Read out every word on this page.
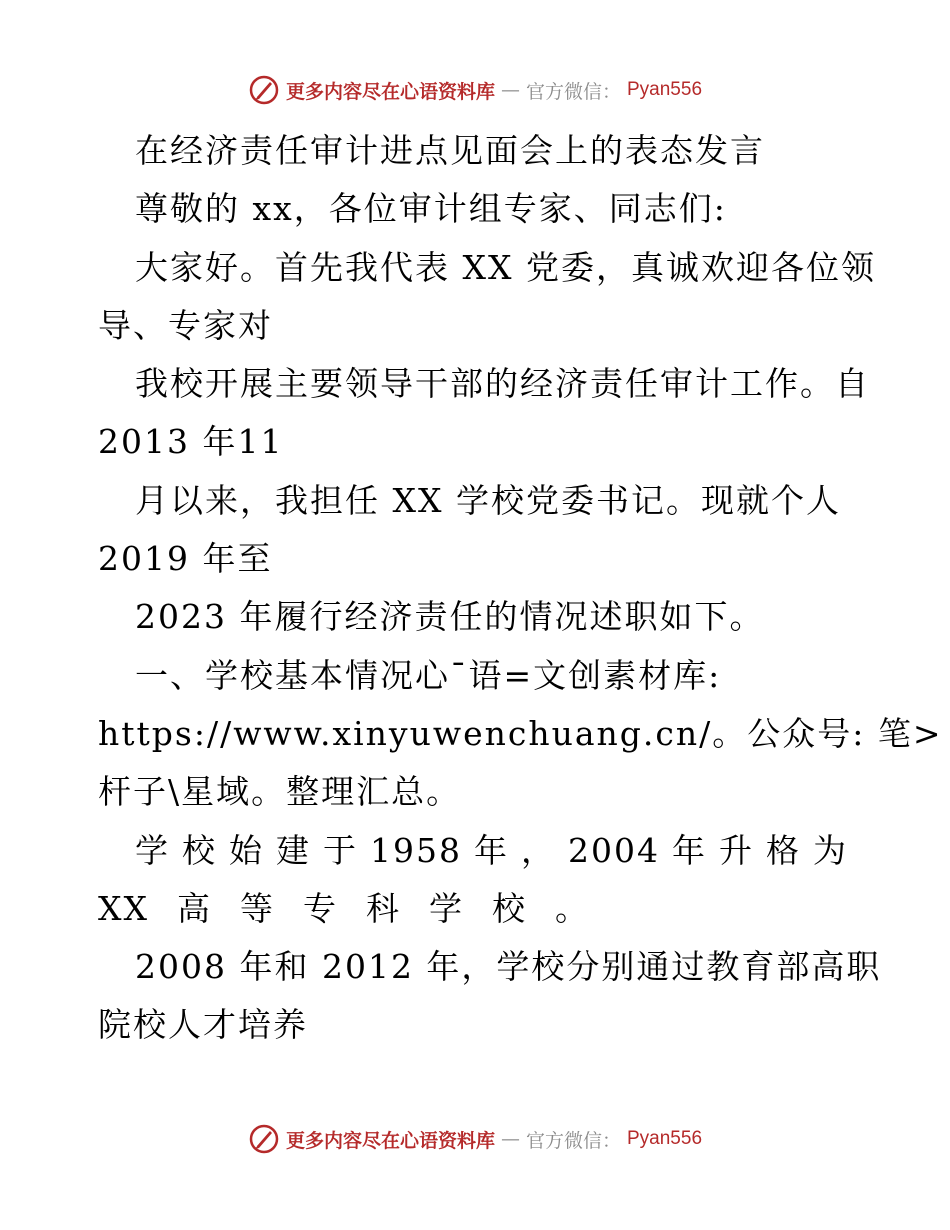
更多内容尽在心语资料库 — 官方微信： Pyan556
在经济责任审计进点见面会上的表态发言
尊敬的 xx，各位审计组专家、同志们:
大家好。首先我代表 XX 党委，真诚欢迎各位领
导、专家对
我校开展主要领导干部的经济责任审计工作。自
2013 年11
月以来，我担任 XX 学校党委书记。现就个人
2019 年至
2023 年履行经济责任的情况述职如下。
一、学校基本情况心¯语=文创素材库:
https://www.xinyuwenchuang.cn/。公众号: 笔>
杆子\星域。整理汇总。
学 校 始 建 于 1958 年 ， 2004 年 升 格 为
XX 高 等 专 科 学 校 。
2008 年和 2012 年，学校分别通过教育部高职
院校人才培养
更多内容尽在心语资料库 — 官方微信： Pyan556
